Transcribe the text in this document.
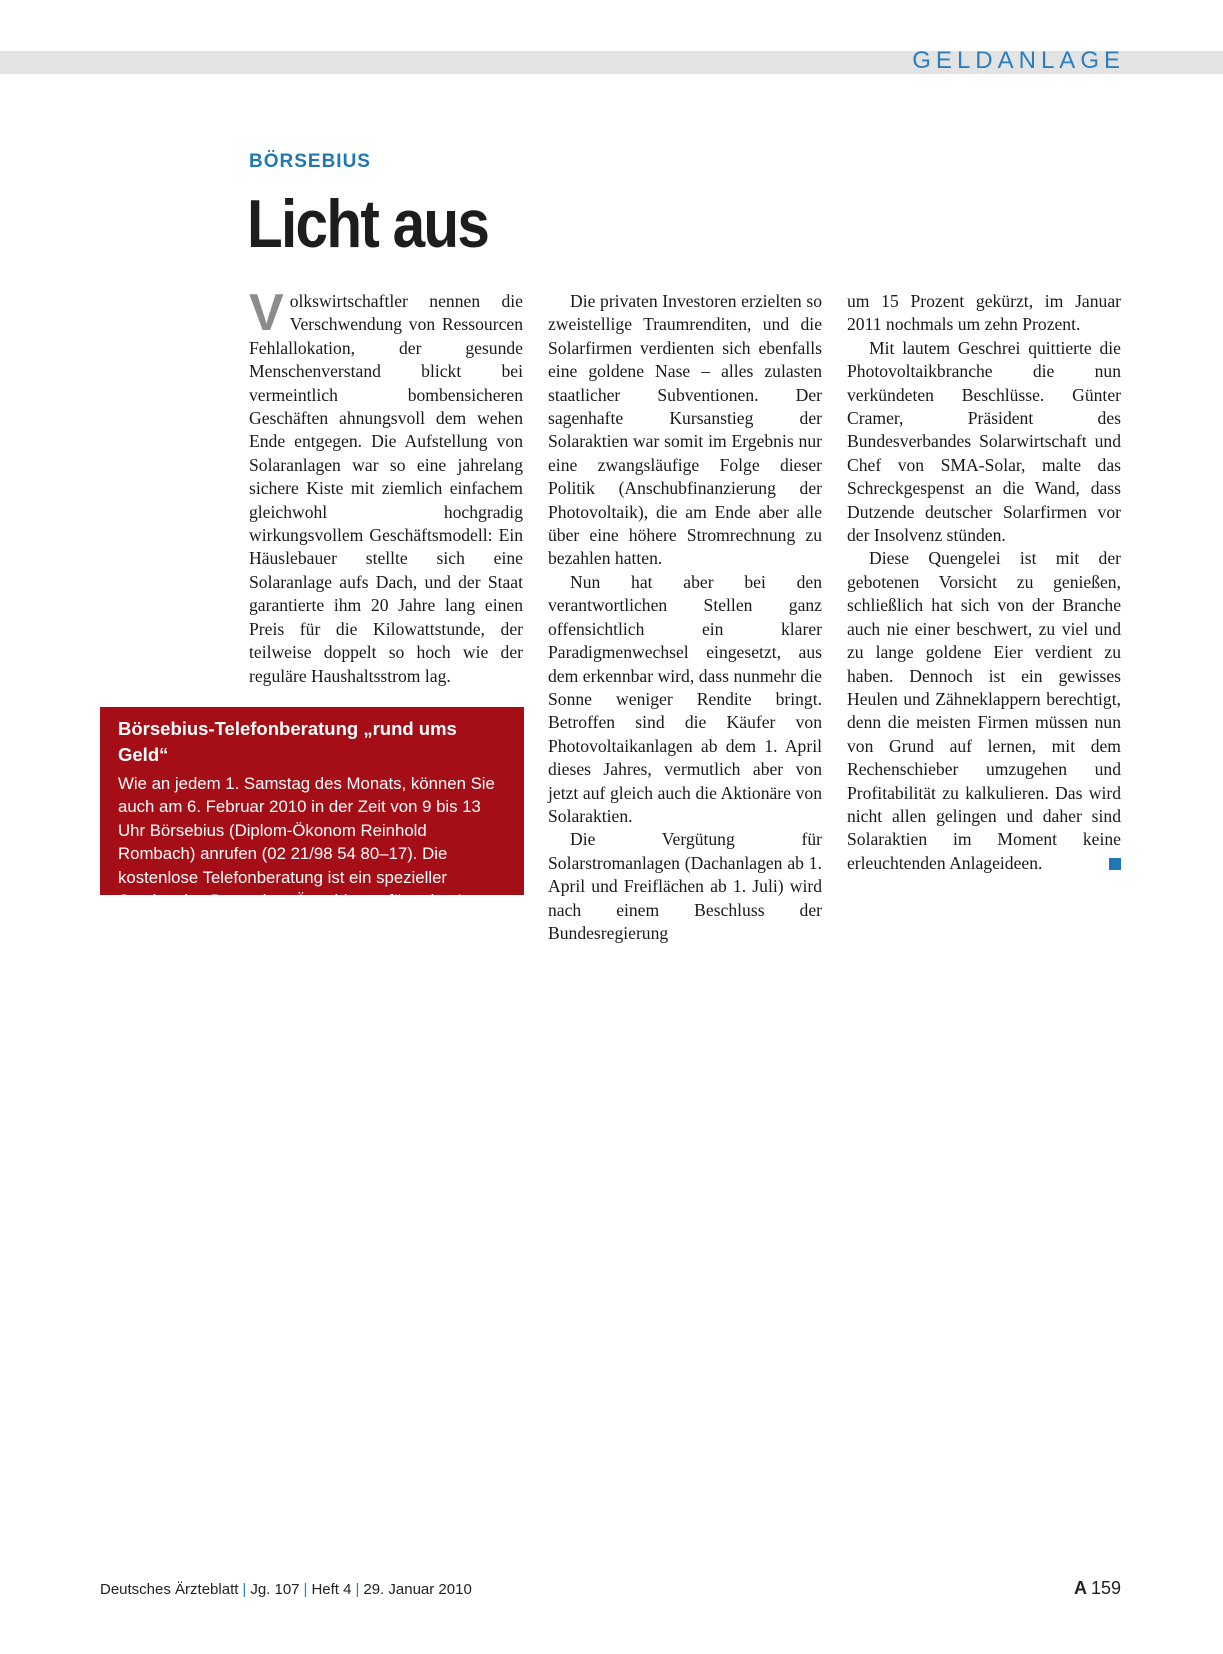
GELDANLAGE
BÖRSEBIUS
Licht aus

Volkswirtschaftler nennen die Verschwendung von Ressourcen Fehlallokation, der gesunde Menschenverstand blickt bei vermeintlich bombensicheren Geschäften ahnungsvoll dem wehen Ende entgegen. Die Aufstellung von Solaranlagen war so eine jahrelang sichere Kiste mit ziemlich einfachem gleichwohl hochgradig wirkungsvollem Geschäftsmodell: Ein Häuslebauer stellte sich eine Solaranlage aufs Dach, und der Staat garantierte ihm 20 Jahre lang einen Preis für die Kilowattstunde, der teilweise doppelt so hoch wie der reguläre Haushaltsstrom lag.

Die privaten Investoren erzielten so zweistellige Traumrenditen, und die Solarfirmen verdienten sich ebenfalls eine goldene Nase – alles zulasten staatlicher Subventionen. Der sagenhafte Kursanstieg der Solaraktien war somit im Ergebnis nur eine zwangsläufige Folge dieser Politik (Anschubfinanzierung der Photovoltaik), die am Ende aber alle über eine höhere Stromrechnung zu bezahlen hatten.

Nun hat aber bei den verantwortlichen Stellen ganz offensichtlich ein klarer Paradigmenwechsel eingesetzt, aus dem erkennbar wird, dass nunmehr die Sonne weniger Rendite bringt. Betroffen sind die Käufer von Photovoltaikanlagen ab dem 1. April dieses Jahres, vermutlich aber von jetzt auf gleich auch die Aktionäre von Solaraktien.

Die Vergütung für Solarstromanlagen (Dachanlagen ab 1. April und Freiflächen ab 1. Juli) wird nach einem Beschluss der Bundesregierung

um 15 Prozent gekürzt, im Januar 2011 nochmals um zehn Prozent.

Mit lautem Geschrei quittierte die Photovoltaikbranche die nun verkündeten Beschlüsse. Günter Cramer, Präsident des Bundesverbandes Solarwirtschaft und Chef von SMA-Solar, malte das Schreckgespenst an die Wand, dass Dutzende deutscher Solarfirmen vor der Insolvenz stünden.

Diese Quengelei ist mit der gebotenen Vorsicht zu genießen, schließlich hat sich von der Branche auch nie einer beschwert, zu viel und zu lange goldene Eier verdient zu haben. Dennoch ist ein gewisses Heulen und Zähneklappern berechtigt, denn die meisten Firmen müssen nun von Grund auf lernen, mit dem Rechenschieber umzugehen und Profitabilität zu kalkulieren. Das wird nicht allen gelingen und daher sind Solaraktien im Moment keine erleuchtenden Anlageideen.

Börsebius-Telefonberatung „rund ums Geld“
Wie an jedem 1. Samstag des Monats, können Sie auch am 6. Februar 2010 in der Zeit von 9 bis 13 Uhr Börsebius (Diplom-Ökonom Reinhold Rombach) anrufen (02 21/98 54 80–17). Die kostenlose Telefonberatung ist ein spezieller Service des Deutschen Ärzteblattes für seine Leser.
Deutsches Ärzteblatt | Jg. 107 | Heft 4 | 29. Januar 2010	A 159
